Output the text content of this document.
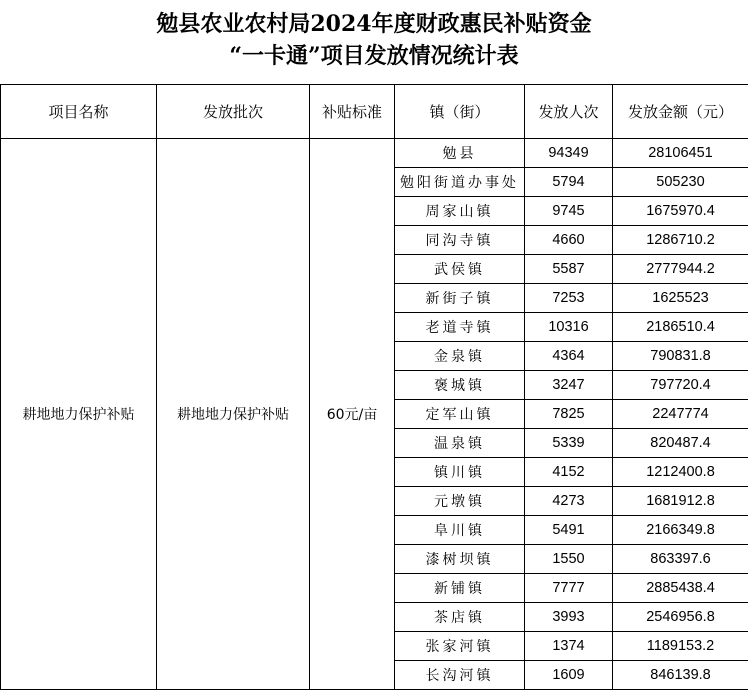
勉县农业农村局2024年度财政惠民补贴资金
“一卡通”项目发放情况统计表
项目名称	发放批次	补贴标准	镇（街）	发放人次	发放金额（元）
耕地地力保护补贴	耕地地力保护补贴	60元/亩	勉县	94349	28106451
			勉阳街道办事处	5794	505230
			周家山镇	9745	1675970.4
			同沟寺镇	4660	1286710.2
			武侯镇	5587	2777944.2
			新街子镇	7253	1625523
			老道寺镇	10316	2186510.4
			金泉镇	4364	790831.8
			褒城镇	3247	797720.4
			定军山镇	7825	2247774
			温泉镇	5339	820487.4
			镇川镇	4152	1212400.8
			元墩镇	4273	1681912.8
			阜川镇	5491	2166349.8
			漆树坝镇	1550	863397.6
			新铺镇	7777	2885438.4
			茶店镇	3993	2546956.8
			张家河镇	1374	1189153.2
			长沟河镇	1609	846139.8
